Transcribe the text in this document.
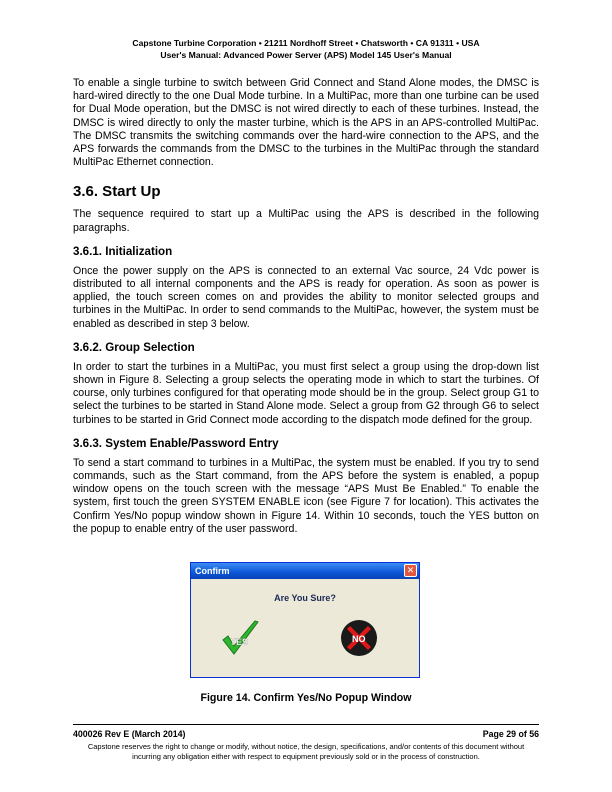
Capstone Turbine Corporation • 21211 Nordhoff Street • Chatsworth • CA 91311 • USA
User's Manual: Advanced Power Server (APS) Model 145 User's Manual

To enable a single turbine to switch between Grid Connect and Stand Alone modes, the DMSC is hard-wired directly to the one Dual Mode turbine. In a MultiPac, more than one turbine can be used for Dual Mode operation, but the DMSC is not wired directly to each of these turbines. Instead, the DMSC is wired directly to only the master turbine, which is the APS in an APS-controlled MultiPac. The DMSC transmits the switching commands over the hard-wire connection to the APS, and the APS forwards the commands from the DMSC to the turbines in the MultiPac through the standard MultiPac Ethernet connection.

3.6. Start Up

The sequence required to start up a MultiPac using the APS is described in the following paragraphs.

3.6.1. Initialization

Once the power supply on the APS is connected to an external Vac source, 24 Vdc power is distributed to all internal components and the APS is ready for operation. As soon as power is applied, the touch screen comes on and provides the ability to monitor selected groups and turbines in the MultiPac. In order to send commands to the MultiPac, however, the system must be enabled as described in step 3 below.

3.6.2. Group Selection

In order to start the turbines in a MultiPac, you must first select a group using the drop-down list shown in Figure 8. Selecting a group selects the operating mode in which to start the turbines. Of course, only turbines configured for that operating mode should be in the group. Select group G1 to select the turbines to be started in Stand Alone mode. Select a group from G2 through G6 to select turbines to be started in Grid Connect mode according to the dispatch mode defined for the group.

3.6.3. System Enable/Password Entry

To send a start command to turbines in a MultiPac, the system must be enabled. If you try to send commands, such as the Start command, from the APS before the system is enabled, a popup window opens on the touch screen with the message “APS Must Be Enabled.” To enable the system, first touch the green SYSTEM ENABLE icon (see Figure 7 for location). This activates the Confirm Yes/No popup window shown in Figure 14. Within 10 seconds, touch the YES button on the popup to enable entry of the user password.

Confirm	✕
Are You Sure?
YES	NO
Figure 14. Confirm Yes/No Popup Window
400026 Rev E (March 2014)	Page 29 of 56
Capstone reserves the right to change or modify, without notice, the design, specifications, and/or contents of this document without incurring any obligation either with respect to equipment previously sold or in the process of construction.
